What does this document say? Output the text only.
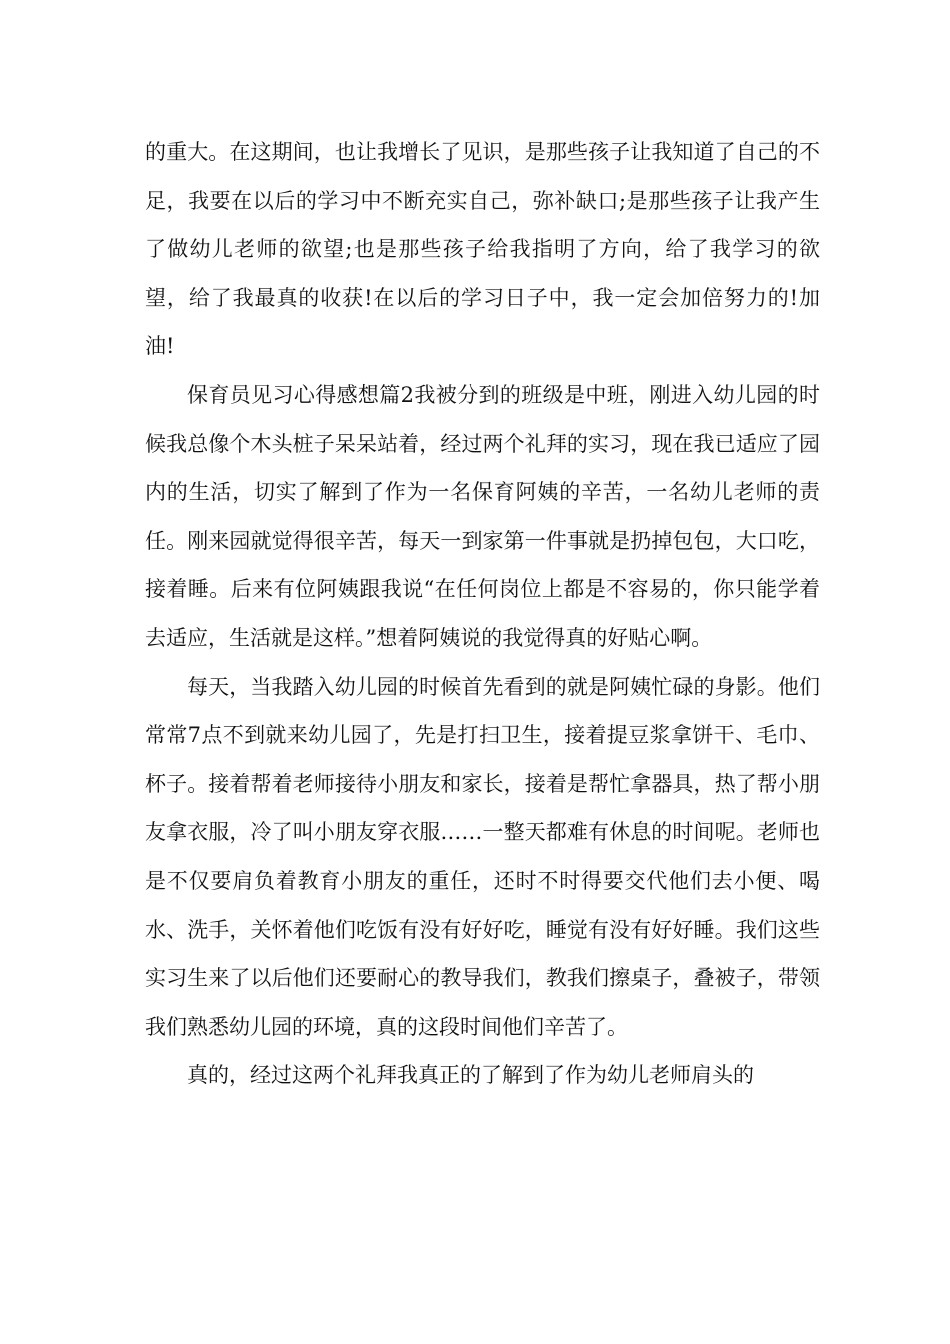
的重大。在这期间，也让我增长了见识，是那些孩子让我知道了自己的不足，我要在以后的学习中不断充实自己，弥补缺口;是那些孩子让我产生了做幼儿老师的欲望;也是那些孩子给我指明了方向，给了我学习的欲望，给了我最真的收获!在以后的学习日子中，我一定会加倍努力的!加油!

保育员见习心得感想篇2我被分到的班级是中班，刚进入幼儿园的时候我总像个木头桩子呆呆站着，经过两个礼拜的实习，现在我已适应了园内的生活，切实了解到了作为一名保育阿姨的辛苦，一名幼儿老师的责任。刚来园就觉得很辛苦，每天一到家第一件事就是扔掉包包，大口吃，接着睡。后来有位阿姨跟我说“在任何岗位上都是不容易的，你只能学着去适应，生活就是这样。”想着阿姨说的我觉得真的好贴心啊。

每天，当我踏入幼儿园的时候首先看到的就是阿姨忙碌的身影。他们常常7点不到就来幼儿园了，先是打扫卫生，接着提豆浆拿饼干、毛巾、杯子。接着帮着老师接待小朋友和家长，接着是帮忙拿器具，热了帮小朋友拿衣服，冷了叫小朋友穿衣服……一整天都难有休息的时间呢。老师也是不仅要肩负着教育小朋友的重任，还时不时得要交代他们去小便、喝水、洗手，关怀着他们吃饭有没有好好吃，睡觉有没有好好睡。我们这些实习生来了以后他们还要耐心的教导我们，教我们擦桌子，叠被子，带领我们熟悉幼儿园的环境，真的这段时间他们辛苦了。

真的，经过这两个礼拜我真正的了解到了作为幼儿老师肩头的
